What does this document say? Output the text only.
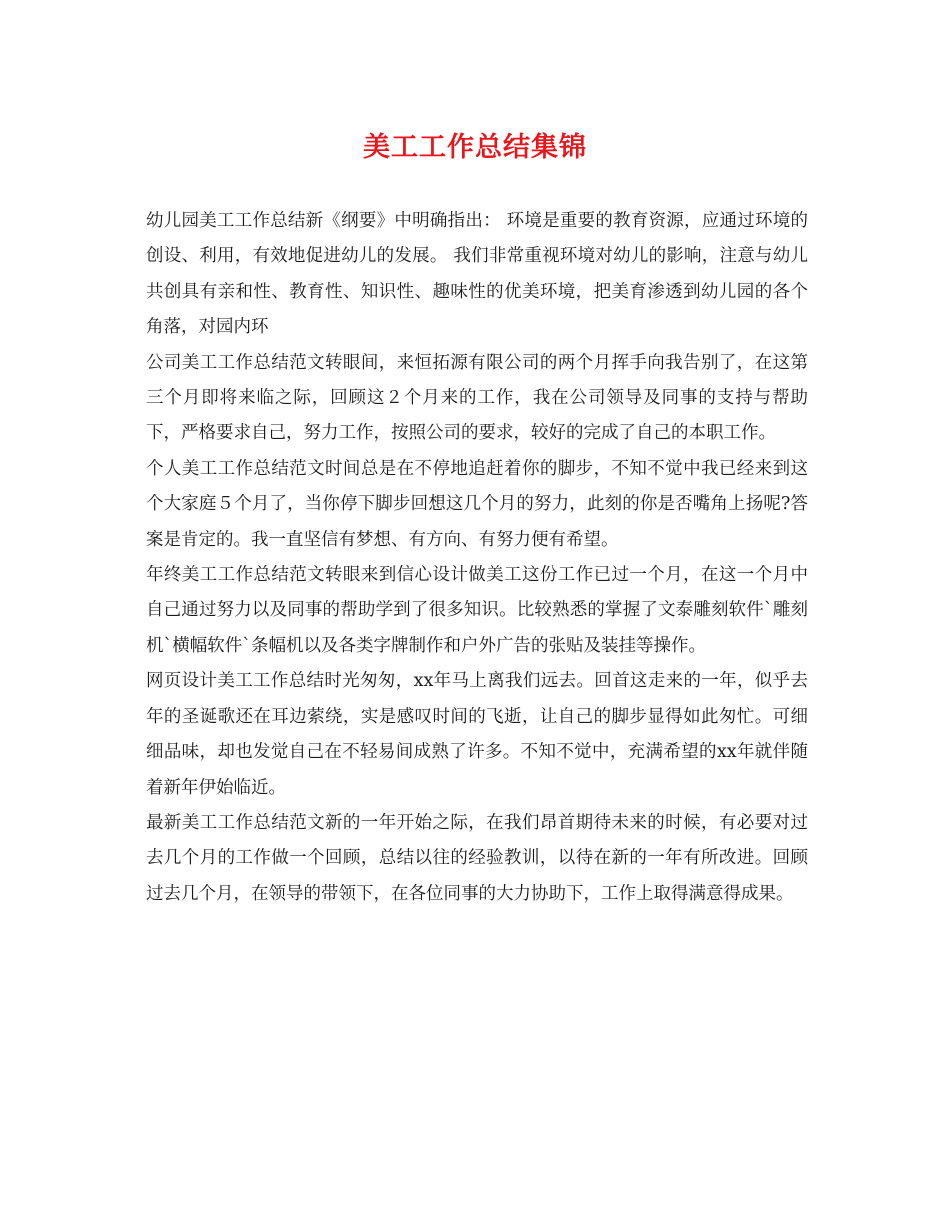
美工工作总结集锦

幼儿园美工工作总结新《纲要》中明确指出： 环境是重要的教育资源，应通过环境的创设、利用，有效地促进幼儿的发展。 我们非常重视环境对幼儿的影响，注意与幼儿共创具有亲和性、教育性、知识性、趣味性的优美环境，把美育渗透到幼儿园的各个角落，对园内环

公司美工工作总结范文转眼间，来恒拓源有限公司的两个月挥手向我告别了，在这第三个月即将来临之际，回顾这２个月来的工作，我在公司领导及同事的支持与帮助下，严格要求自己，努力工作，按照公司的要求，较好的完成了自己的本职工作。

个人美工工作总结范文时间总是在不停地追赶着你的脚步，不知不觉中我已经来到这个大家庭５个月了，当你停下脚步回想这几个月的努力，此刻的你是否嘴角上扬呢?答案是肯定的。我一直坚信有梦想、有方向、有努力便有希望。

年终美工工作总结范文转眼来到信心设计做美工这份工作已过一个月，在这一个月中自己通过努力以及同事的帮助学到了很多知识。比较熟悉的掌握了文泰雕刻软件`雕刻机`横幅软件`条幅机以及各类字牌制作和户外广告的张贴及装挂等操作。

网页设计美工工作总结时光匆匆，xx年马上离我们远去。回首这走来的一年，似乎去年的圣诞歌还在耳边萦绕，实是感叹时间的飞逝，让自己的脚步显得如此匆忙。可细细品味，却也发觉自己在不轻易间成熟了许多。不知不觉中，充满希望的xx年就伴随着新年伊始临近。

最新美工工作总结范文新的一年开始之际，在我们昂首期待未来的时候，有必要对过去几个月的工作做一个回顾，总结以往的经验教训，以待在新的一年有所改进。回顾过去几个月，在领导的带领下，在各位同事的大力协助下，工作上取得满意得成果。
